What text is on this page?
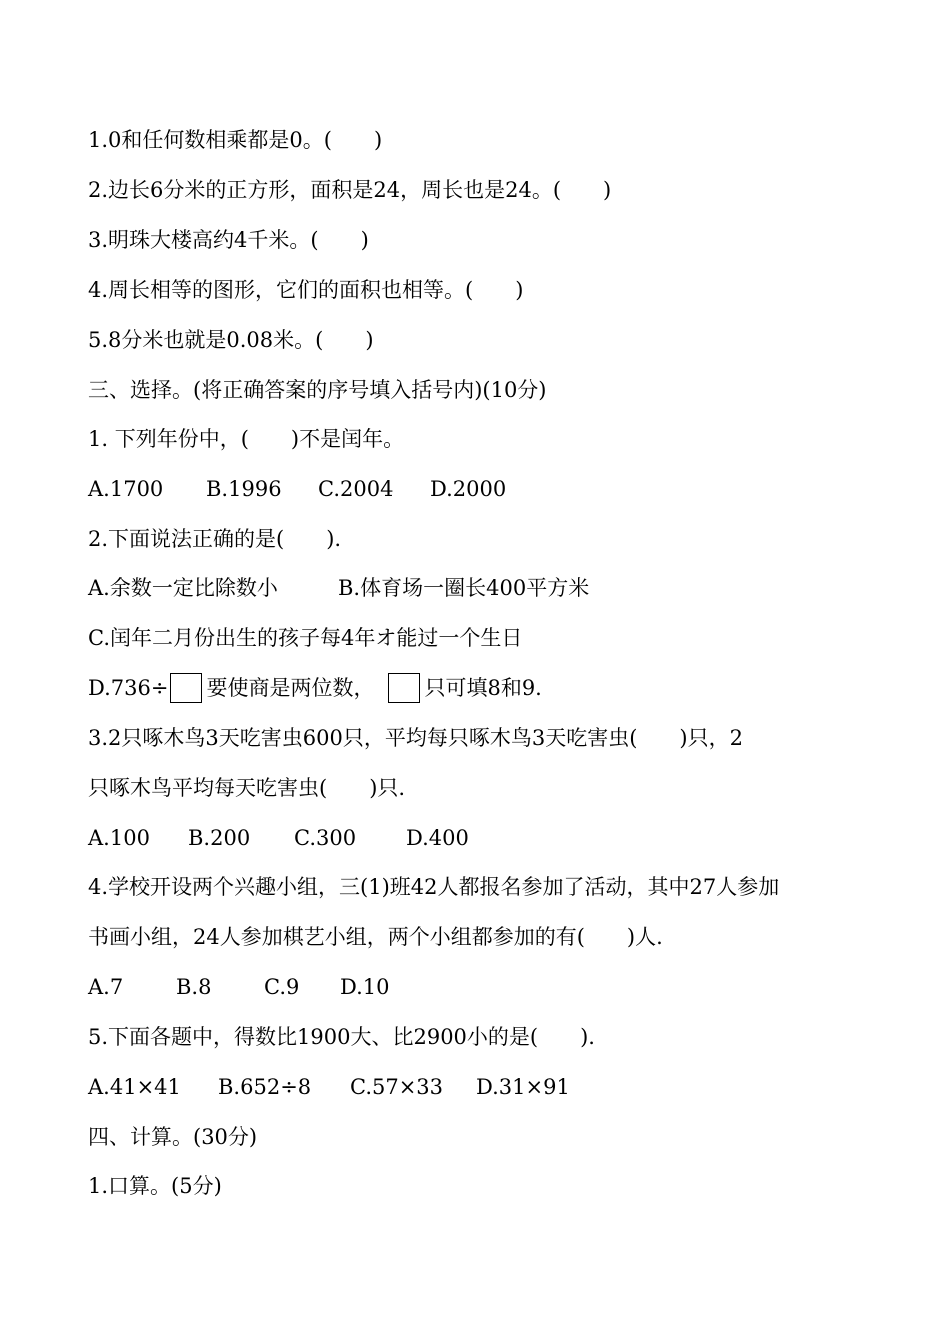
1.0和任何数相乘都是0。(　　)
2.边长6分米的正方形，面积是24，周长也是24。(　　)
3.明珠大楼高约4千米。(　　)
4.周长相等的图形，它们的面积也相等。(　　)
5.8分米也就是0.08米。(　　)
三、选择。(将正确答案的序号填入括号内)(10分)
1. 下列年份中，(　　)不是闰年。
A.1700 B.1996 C.2004 D.2000
2.下面说法正确的是(　　).
A.余数一定比除数小	B.体育场一圈长400平方米
C.闰年二月份出生的孩子每4年オ能过一个生日
D.736÷ 要使商是两位数， 只可填8和9.
3.2只啄木鸟3天吃害虫600只，平均每只啄木鸟3天吃害虫(　　)只，2
只啄木鸟平均每天吃害虫(　　)只.
A.100 B.200 C.300 D.400
4.学校开设两个兴趣小组，三(1)班42人都报名参加了活动，其中27人参加
书画小组，24人参加棋艺小组，两个小组都参加的有(　　)人.
A.7	B.8	C.9 D.10
5.下面各题中，得数比1900大、比2900小的是(　　).
A.41×41 B.652÷8 C.57×33 D.31×91
四、计算。(30分)
1.口算。(5分)
